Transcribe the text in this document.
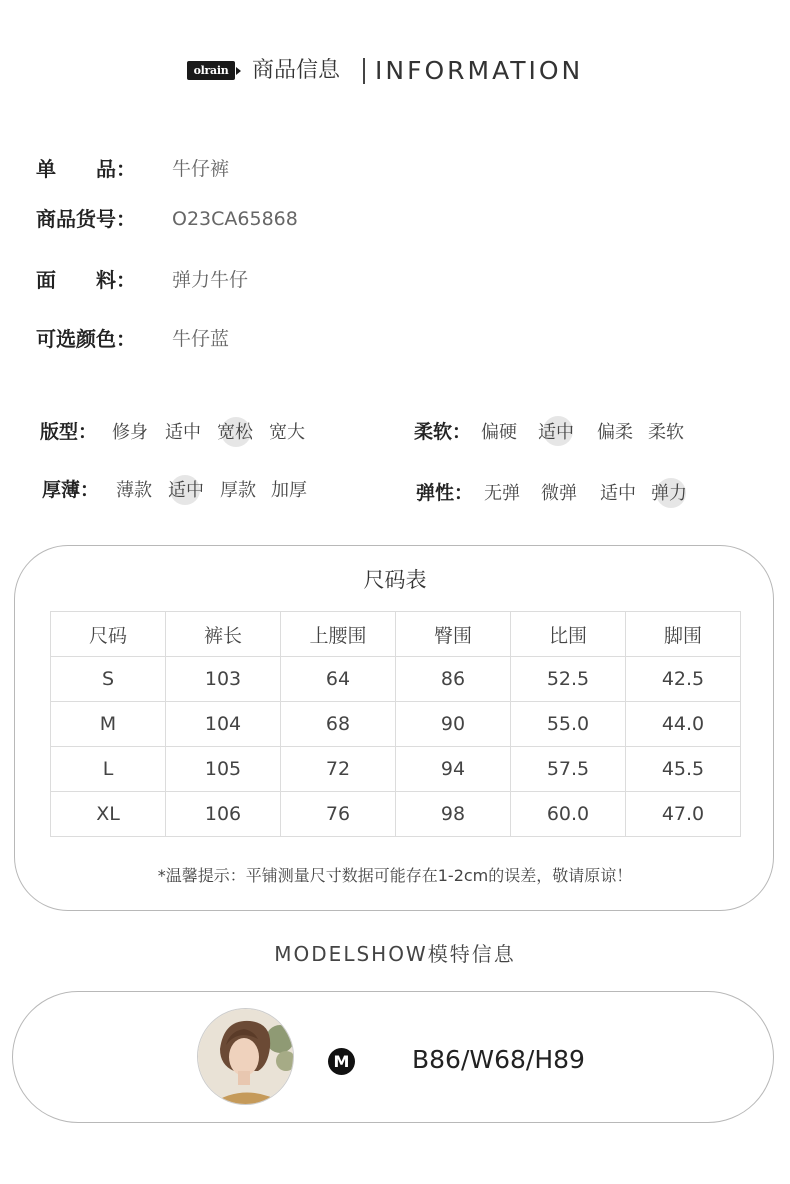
olrain 商品信息 INFORMATION
单　　品： 牛仔裤
商品货号： O23CA65868
面　　料： 弹力牛仔
可选颜色： 牛仔蓝
版型： 修身 适中 宽松 宽大	柔软： 偏硬 适中 偏柔 柔软
厚薄： 薄款 适中 厚款 加厚	弹性： 无弹 微弹 适中 弹力
尺码表
尺码	裤长	上腰围	臀围	比围	脚围
S	103	64	86	52.5	42.5
M	104	68	90	55.0	44.0
L	105	72	94	57.5	45.5
XL	106	76	98	60.0	47.0
*温馨提示：平铺测量尺寸数据可能存在1-2cm的误差，敬请原谅！
MODELSHOW模特信息
M	B86/W68/H89
